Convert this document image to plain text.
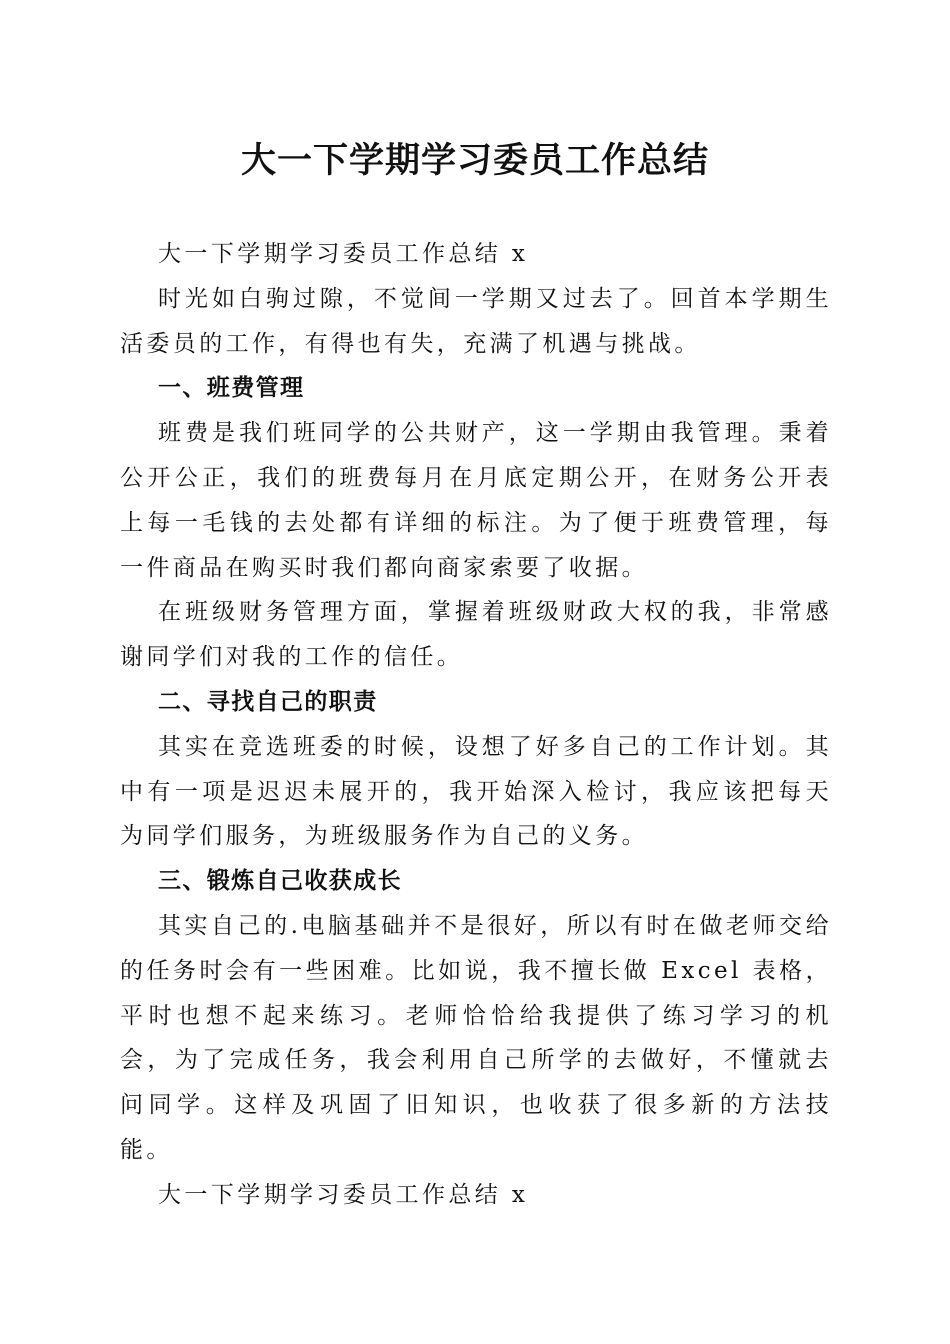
大一下学期学习委员工作总结

大一下学期学习委员工作总结 x

时光如白驹过隙，不觉间一学期又过去了。回首本学期生活委员的工作，有得也有失，充满了机遇与挑战。

一、班费管理

班费是我们班同学的公共财产，这一学期由我管理。秉着公开公正，我们的班费每月在月底定期公开，在财务公开表上每一毛钱的去处都有详细的标注。为了便于班费管理，每一件商品在购买时我们都向商家索要了收据。

在班级财务管理方面，掌握着班级财政大权的我，非常感谢同学们对我的工作的信任。

二、寻找自己的职责

其实在竞选班委的时候，设想了好多自己的工作计划。其中有一项是迟迟未展开的，我开始深入检讨，我应该把每天为同学们服务，为班级服务作为自己的义务。

三、锻炼自己收获成长

其实自己的.电脑基础并不是很好，所以有时在做老师交给的任务时会有一些困难。比如说，我不擅长做 Excel 表格，平时也想不起来练习。老师恰恰给我提供了练习学习的机会，为了完成任务，我会利用自己所学的去做好，不懂就去问同学。这样及巩固了旧知识，也收获了很多新的方法技能。

大一下学期学习委员工作总结 x
